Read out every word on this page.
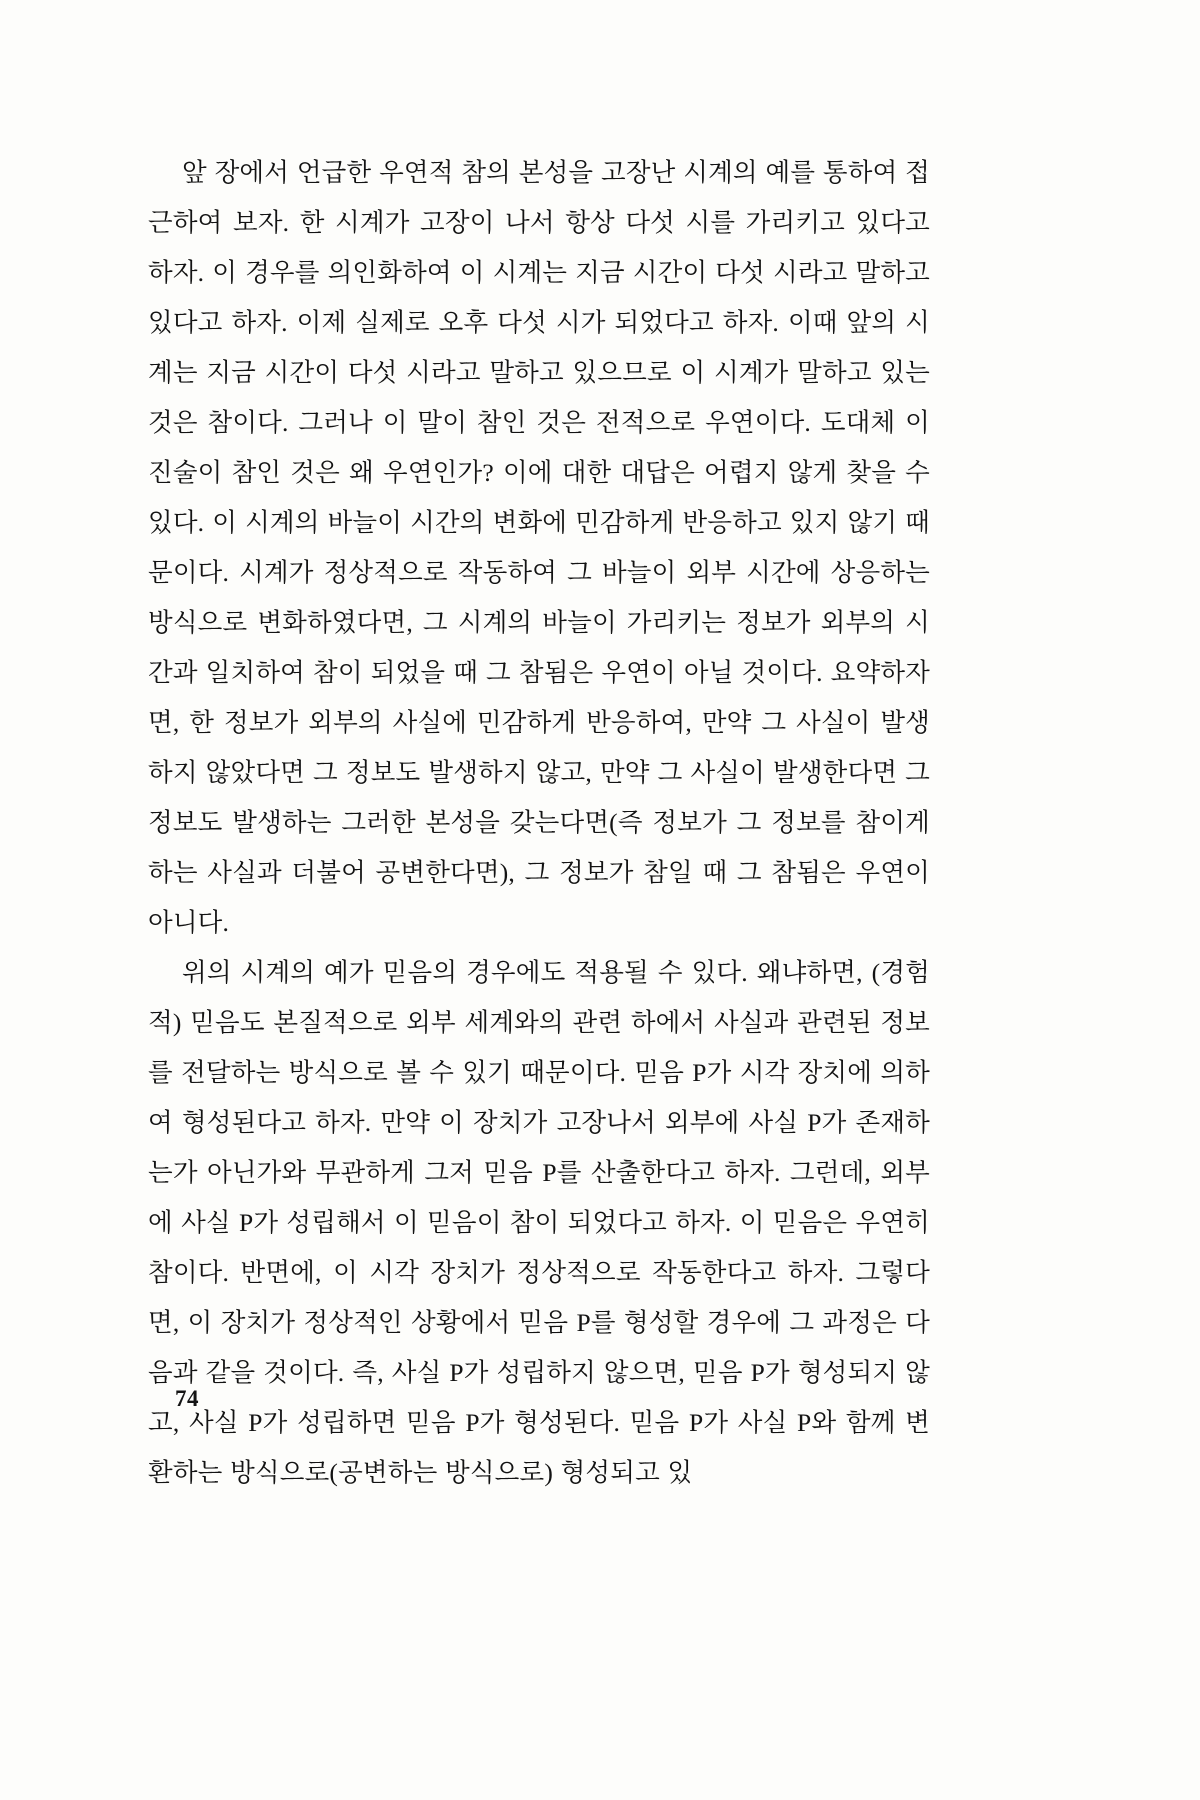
앞 장에서 언급한 우연적 참의 본성을 고장난 시계의 예를 통하여 접근하여 보자. 한 시계가 고장이 나서 항상 다섯 시를 가리키고 있다고 하자. 이 경우를 의인화하여 이 시계는 지금 시간이 다섯 시라고 말하고 있다고 하자. 이제 실제로 오후 다섯 시가 되었다고 하자. 이때 앞의 시계는 지금 시간이 다섯 시라고 말하고 있으므로 이 시계가 말하고 있는 것은 참이다. 그러나 이 말이 참인 것은 전적으로 우연이다. 도대체 이 진술이 참인 것은 왜 우연인가? 이에 대한 대답은 어렵지 않게 찾을 수 있다. 이 시계의 바늘이 시간의 변화에 민감하게 반응하고 있지 않기 때문이다. 시계가 정상적으로 작동하여 그 바늘이 외부 시간에 상응하는 방식으로 변화하였다면, 그 시계의 바늘이 가리키는 정보가 외부의 시간과 일치하여 참이 되었을 때 그 참됨은 우연이 아닐 것이다. 요약하자면, 한 정보가 외부의 사실에 민감하게 반응하여, 만약 그 사실이 발생하지 않았다면 그 정보도 발생하지 않고, 만약 그 사실이 발생한다면 그 정보도 발생하는 그러한 본성을 갖는다면(즉 정보가 그 정보를 참이게 하는 사실과 더불어 공변한다면), 그 정보가 참일 때 그 참됨은 우연이 아니다.

위의 시계의 예가 믿음의 경우에도 적용될 수 있다. 왜냐하면, (경험적) 믿음도 본질적으로 외부 세계와의 관련 하에서 사실과 관련된 정보를 전달하는 방식으로 볼 수 있기 때문이다. 믿음 P가 시각 장치에 의하여 형성된다고 하자. 만약 이 장치가 고장나서 외부에 사실 P가 존재하는가 아닌가와 무관하게 그저 믿음 P를 산출한다고 하자. 그런데, 외부에 사실 P가 성립해서 이 믿음이 참이 되었다고 하자. 이 믿음은 우연히 참이다. 반면에, 이 시각 장치가 정상적으로 작동한다고 하자. 그렇다면, 이 장치가 정상적인 상황에서 믿음 P를 형성할 경우에 그 과정은 다음과 같을 것이다. 즉, 사실 P가 성립하지 않으면, 믿음 P가 형성되지 않고, 사실 P가 성립하면 믿음 P가 형성된다. 믿음 P가 사실 P와 함께 변환하는 방식으로(공변하는 방식으로) 형성되고 있

74
